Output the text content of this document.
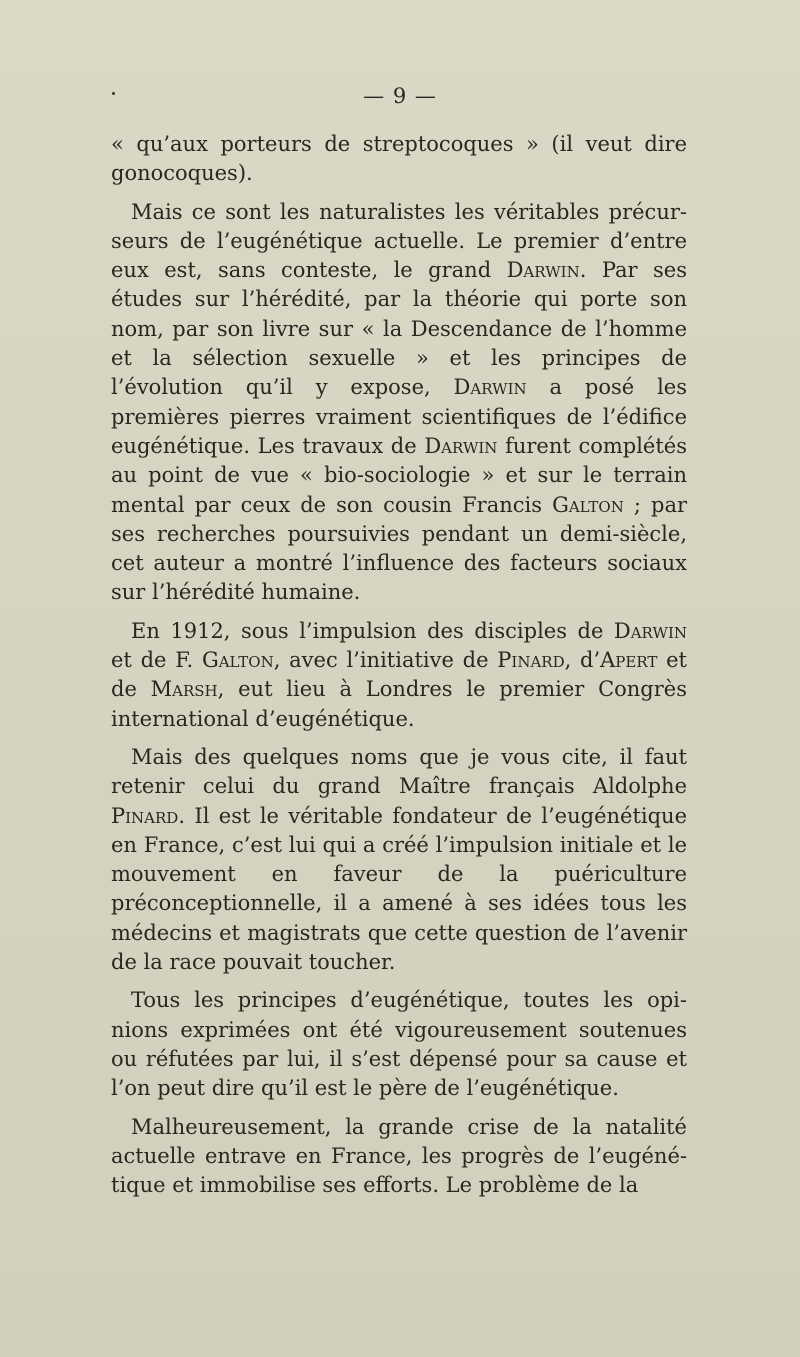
— 9 —

« qu’aux porteurs de streptocoques » (il veut dire gonocoques).

Mais ce sont les naturalistes les véritables précurseurs de l’eugénétique actuelle. Le premier d’entre eux est, sans conteste, le grand Darwin. Par ses études sur l’hérédité, par la théorie qui porte son nom, par son livre sur « la Descendance de l’homme et la sélection sexuelle » et les principes de l’évolution qu’il y expose, Darwin a posé les premières pierres vraiment scientifiques de l’édifice eugénétique. Les travaux de Darwin furent complétés au point de vue « bio-sociologie » et sur le terrain mental par ceux de son cousin Francis Galton ; par ses recherches poursuivies pendant un demi-siècle, cet auteur a montré l’influence des facteurs sociaux sur l’hérédité humaine.

En 1912, sous l’impulsion des disciples de Darwin et de F. Galton, avec l’initiative de Pinard, d’Apert et de Marsh, eut lieu à Londres le premier Congrès international d’eugénétique.

Mais des quelques noms que je vous cite, il faut retenir celui du grand Maître français Aldolphe Pinard. Il est le véritable fondateur de l’eugénétique en France, c’est lui qui a créé l’impulsion initiale et le mouvement en faveur de la puériculture préconceptionnelle, il a amené à ses idées tous les médecins et magistrats que cette question de l’avenir de la race pouvait toucher.

Tous les principes d’eugénétique, toutes les opinions exprimées ont été vigoureusement soutenues ou réfutées par lui, il s’est dépensé pour sa cause et l’on peut dire qu’il est le père de l’eugénétique.

Malheureusement, la grande crise de la natalité actuelle entrave en France, les progrès de l’eugénétique et immobilise ses efforts. Le problème de la
